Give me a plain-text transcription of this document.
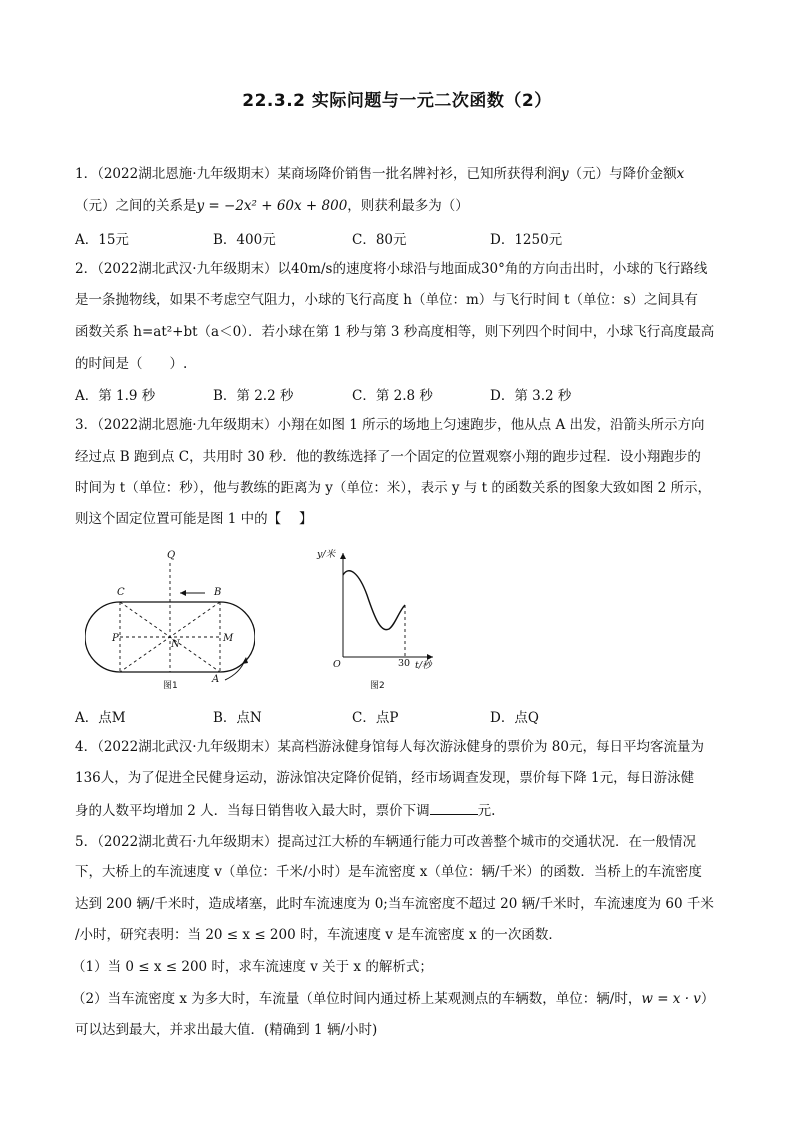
22.3.2 实际问题与一元二次函数（2）
1．（2022湖北恩施·九年级期末）某商场降价销售一批名牌衬衫，已知所获得利润y（元）与降价金额x
（元）之间的关系是y = −2x² + 60x + 800，则获利最多为（）
A．15元	B．400元	C．80元	D．1250元
2．（2022湖北武汉·九年级期末）以40m/s的速度将小球沿与地面成30°角的方向击出时，小球的飞行路线
是一条抛物线，如果不考虑空气阻力，小球的飞行高度 h（单位：m）与飞行时间 t（单位：s）之间具有
函数关系 h=at²+bt（a＜0）．若小球在第 1 秒与第 3 秒高度相等，则下列四个时间中，小球飞行高度最高
的时间是（　　）.
A．第 1.9 秒	B．第 2.2 秒	C．第 2.8 秒	D．第 3.2 秒
3．（2022湖北恩施·九年级期末）小翔在如图 1 所示的场地上匀速跑步，他从点 A 出发，沿箭头所示方向
经过点 B 跑到点 C，共用时 30 秒．他的教练选择了一个固定的位置观察小翔的跑步过程．设小翔跑步的
时间为 t（单位：秒），他与教练的距离为 y（单位：米），表示 y 与 t 的函数关系的图象大致如图 2 所示，
则这个固定位置可能是图 1 中的【　 】
Q
B
C
P	M
N
A
图1
y/米
t/秒
O	30
图2
A．点M	B．点N	C．点P	D．点Q
4．（2022湖北武汉·九年级期末）某高档游泳健身馆每人每次游泳健身的票价为 80元，每日平均客流量为
136人，为了促进全民健身运动，游泳馆决定降价促销，经市场调查发现，票价每下降 1元，每日游泳健
身的人数平均增加 2 人．当每日销售收入最大时，票价下调	元.
5．（2022湖北黄石·九年级期末）提高过江大桥的车辆通行能力可改善整个城市的交通状况．在一般情况
下，大桥上的车流速度 v（单位：千米/小时）是车流密度 x（单位：辆/千米）的函数．当桥上的车流密度
达到 200 辆/千米时，造成堵塞，此时车流速度为 0;当车流密度不超过 20 辆/千米时，车流速度为 60 千米
/小时，研究表明：当 20 ≤ x ≤ 200 时，车流速度 v 是车流密度 x 的一次函数．
（1）当 0 ≤ x ≤ 200 时，求车流速度 v 关于 x 的解析式；
（2）当车流密度 x 为多大时，车流量（单位时间内通过桥上某观测点的车辆数，单位：辆/时，w = x · v）
可以达到最大，并求出最大值．(精确到 1 辆/小时)
